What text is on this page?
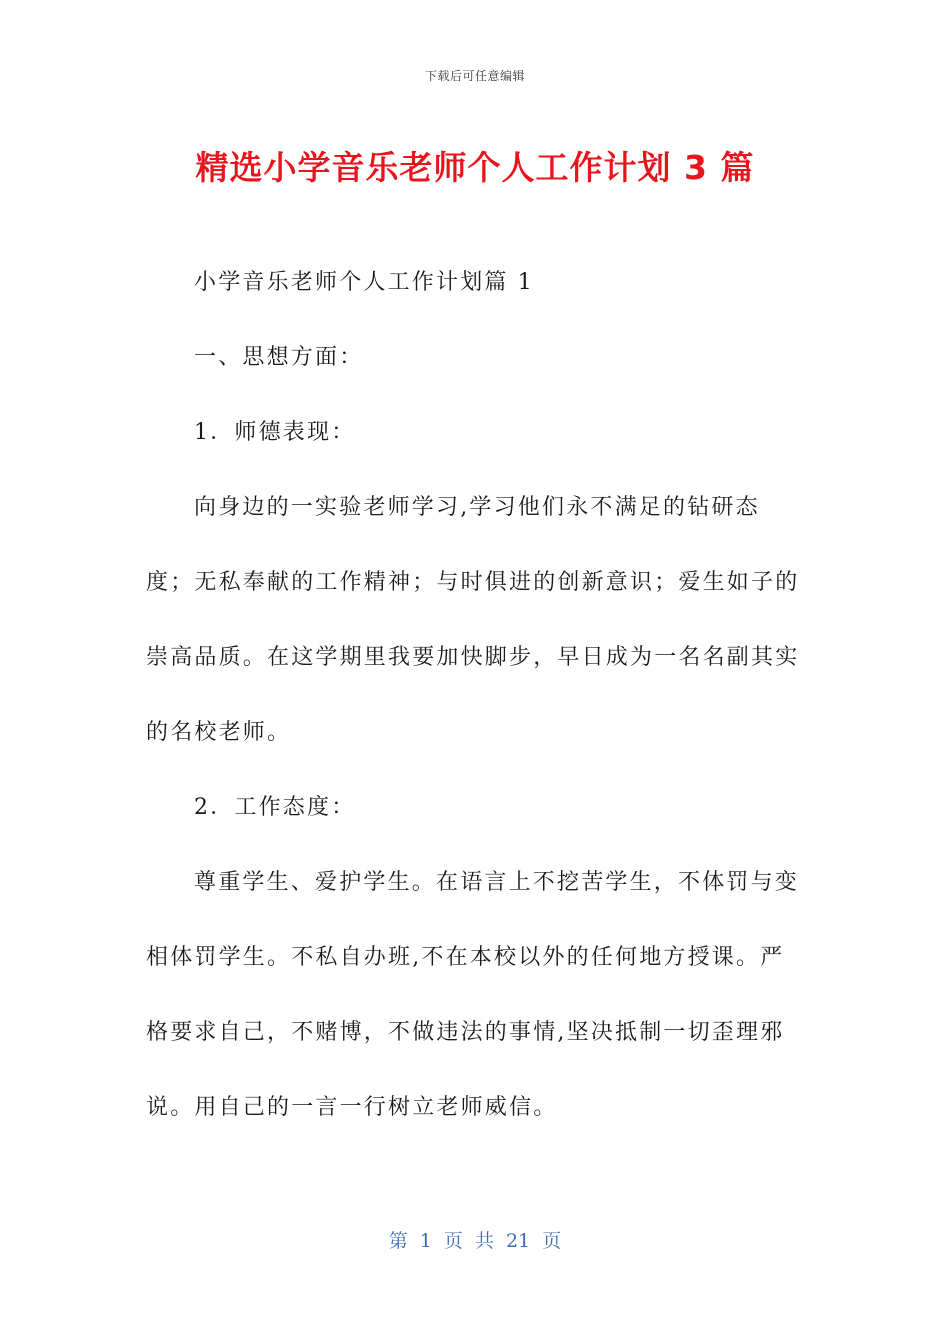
下载后可任意编辑
精选小学音乐老师个人工作计划 3 篇

小学音乐老师个人工作计划篇 1

一、思想方面：

1．师德表现：

向身边的一实验老师学习,学习他们永不满足的钻研态度；无私奉献的工作精神；与时俱进的创新意识；爱生如子的崇高品质。在这学期里我要加快脚步，早日成为一名名副其实的名校老师。

2．工作态度：

尊重学生、爱护学生。在语言上不挖苦学生，不体罚与变相体罚学生。不私自办班,不在本校以外的任何地方授课。严格要求自己，不赌博，不做违法的事情,坚决抵制一切歪理邪说。用自己的一言一行树立老师威信。

第 1 页 共 21 页
